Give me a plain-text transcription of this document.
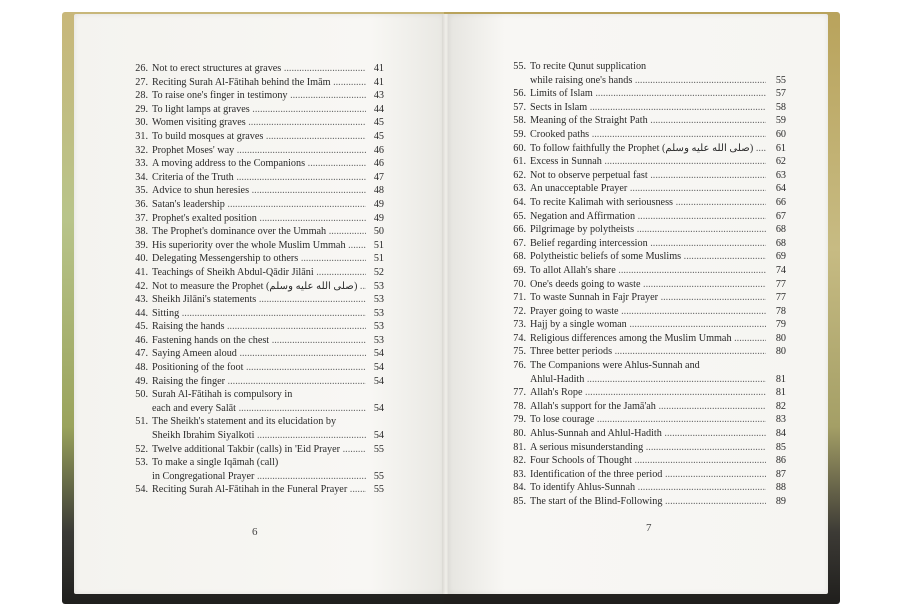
26. Not to erect structures at graves .....	41
27. Reciting Surah Al-Fātihah behind the Imām .....	41
28. To raise one's finger in testimony .....	43
29. To light lamps at graves .....	44
30. Women visiting graves .....	45
31. To build mosques at graves .....	45
32. Prophet Moses' way .....	46
33. A moving address to the Companions .....	46
34. Criteria of the Truth .....	47
35. Advice to shun heresies .....	48
36. Satan's leadership .....	49
37. Prophet's exalted position .....	49
38. The Prophet's dominance over the Ummah .....	50
39. His superiority over the whole Muslim Ummah .....	51
40. Delegating Messengership to others .....	51
41. Teachings of Sheikh Abdul-Qādir Jilāni .....	52
42. Not to measure the Prophet (صلى الله عليه وسلم) .....	53
43. Sheikh Jilāni's statements .....	53
44. Sitting .....	53
45. Raising the hands .....	53
46. Fastening hands on the chest .....	53
47. Saying Ameen aloud .....	54
48. Positioning of the foot .....	54
49. Raising the finger .....	54
50. Surah Al-Fātihah is compulsory in
each and every Salāt .....	54
51. The Sheikh's statement and its elucidation by
Sheikh Ibrahim Siyalkoti .....	54
52. Twelve additional Takbir (calls) in 'Eid Prayer .....	55
53. To make a single Iqāmah (call)
in Congregational Prayer .....	55
54. Reciting Surah Al-Fātihah in the Funeral Prayer .....	55
6
55. To recite Qunut supplication
while raising one's hands .....	55
56. Limits of Islam .....	57
57. Sects in Islam .....	58
58. Meaning of the Straight Path .....	59
59. Crooked paths .....	60
60. To follow faithfully the Prophet (صلى الله عليه وسلم) .....	61
61. Excess in Sunnah .....	62
62. Not to observe perpetual fast .....	63
63. An unacceptable Prayer .....	64
64. To recite Kalimah with seriousness .....	66
65. Negation and Affirmation .....	67
66. Pilgrimage by polytheists .....	68
67. Belief regarding intercession .....	68
68. Polytheistic beliefs of some Muslims .....	69
69. To allot Allah's share .....	74
70. One's deeds going to waste .....	77
71. To waste Sunnah in Fajr Prayer .....	77
72. Prayer going to waste .....	78
73. Hajj by a single woman .....	79
74. Religious differences among the Muslim Ummah .....	80
75. Three better periods .....	80
76. The Companions were Ahlus-Sunnah and
Ahlul-Hadith .....	81
77. Allah's Rope .....	81
78. Allah's support for the Jamā'ah .....	82
79. To lose courage .....	83
80. Ahlus-Sunnah and Ahlul-Hadith .....	84
81. A serious misunderstanding .....	85
82. Four Schools of Thought .....	86
83. Identification of the three period .....	87
84. To identify Ahlus-Sunnah .....	88
85. The start of the Blind-Following .....	89
7
